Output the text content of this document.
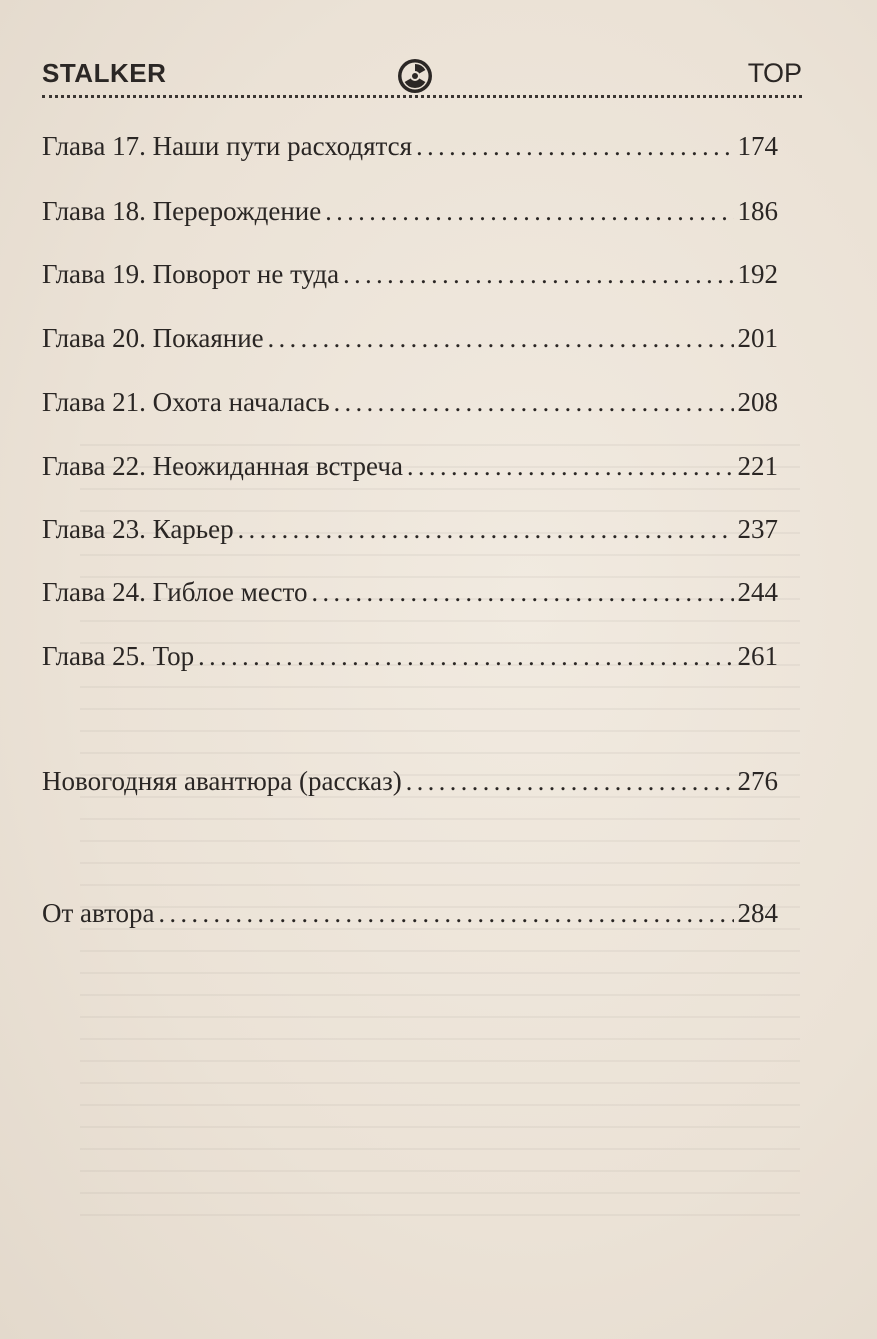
STALKER	ТОР
Глава 17. Наши пути расходятся . . .	174
Глава 18. Перерождение . . .	186
Глава 19. Поворот не туда . . .	192
Глава 20. Покаяние . . .	201
Глава 21. Охота началась . . .	208
Глава 22. Неожиданная встреча . . .	221
Глава 23. Карьер . . .	237
Глава 24. Гиблое место . . .	244
Глава 25. Тор . . .	261
Новогодняя авантюра (рассказ) . . .	276
От автора . . .	284
